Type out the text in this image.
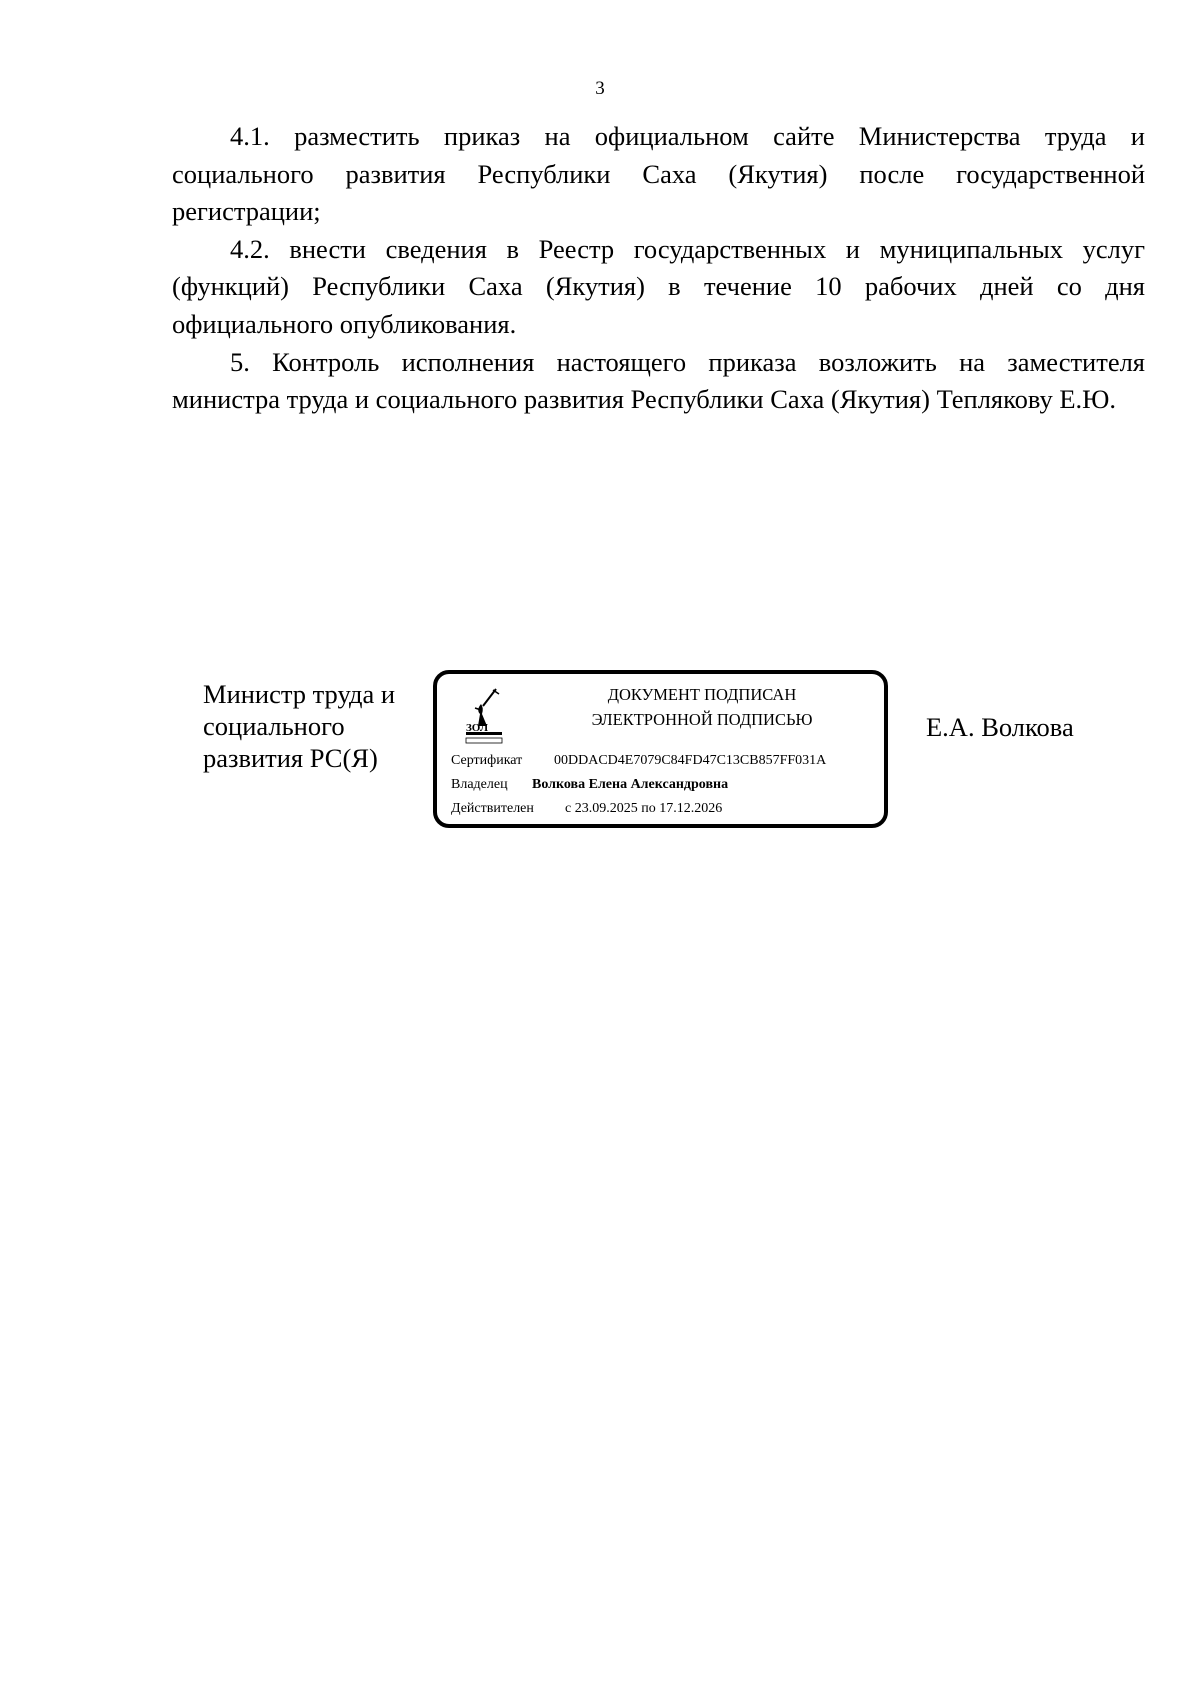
3

4.1. разместить приказ на официальном сайте Министерства труда и социального развития Республики Саха (Якутия) после государственной регистрации;

4.2. внести сведения в Реестр государственных и муниципальных услуг (функций) Республики Саха (Якутия) в течение 10 рабочих дней со дня официального опубликования.

5. Контроль исполнения настоящего приказа возложить на заместителя министра труда и социального развития Республики Саха (Якутия) Теплякову Е.Ю.

Министр труда и
социального
развития РС(Я)
ЗОЛ
ДОКУМЕНТ ПОДПИСАН
ЭЛЕКТРОННОЙ ПОДПИСЬЮ
Сертификат 00DDACD4E7079C84FD47C13CB857FF031A
Владелец Волкова Елена Александровна
Действителен с 23.09.2025 по 17.12.2026
Е.А. Волкова
